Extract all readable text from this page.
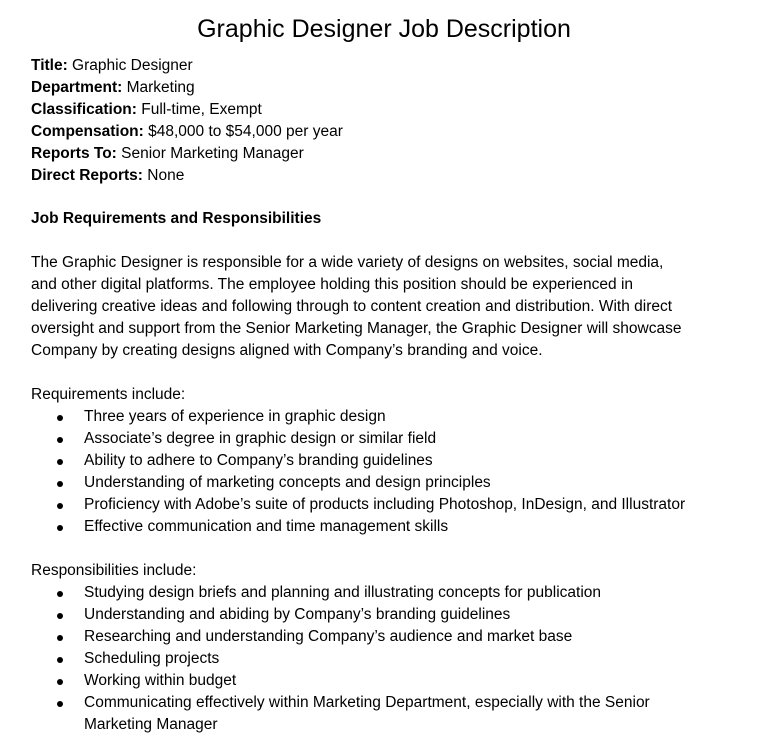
Graphic Designer Job Description
Title: Graphic Designer
Department: Marketing
Classification: Full-time, Exempt
Compensation: $48,000 to $54,000 per year
Reports To: Senior Marketing Manager
Direct Reports: None
Job Requirements and Responsibilities

The Graphic Designer is responsible for a wide variety of designs on websites, social media,
and other digital platforms. The employee holding this position should be experienced in
delivering creative ideas and following through to content creation and distribution. With direct
oversight and support from the Senior Marketing Manager, the Graphic Designer will showcase
Company by creating designs aligned with Company’s branding and voice.

Requirements include:

Three years of experience in graphic design
Associate’s degree in graphic design or similar field
Ability to adhere to Company’s branding guidelines
Understanding of marketing concepts and design principles
Proficiency with Adobe’s suite of products including Photoshop, InDesign, and Illustrator
Effective communication and time management skills

Responsibilities include:

Studying design briefs and planning and illustrating concepts for publication
Understanding and abiding by Company’s branding guidelines
Researching and understanding Company’s audience and market base
Scheduling projects
Working within budget
Communicating effectively within Marketing Department, especially with the Senior
Marketing Manager
